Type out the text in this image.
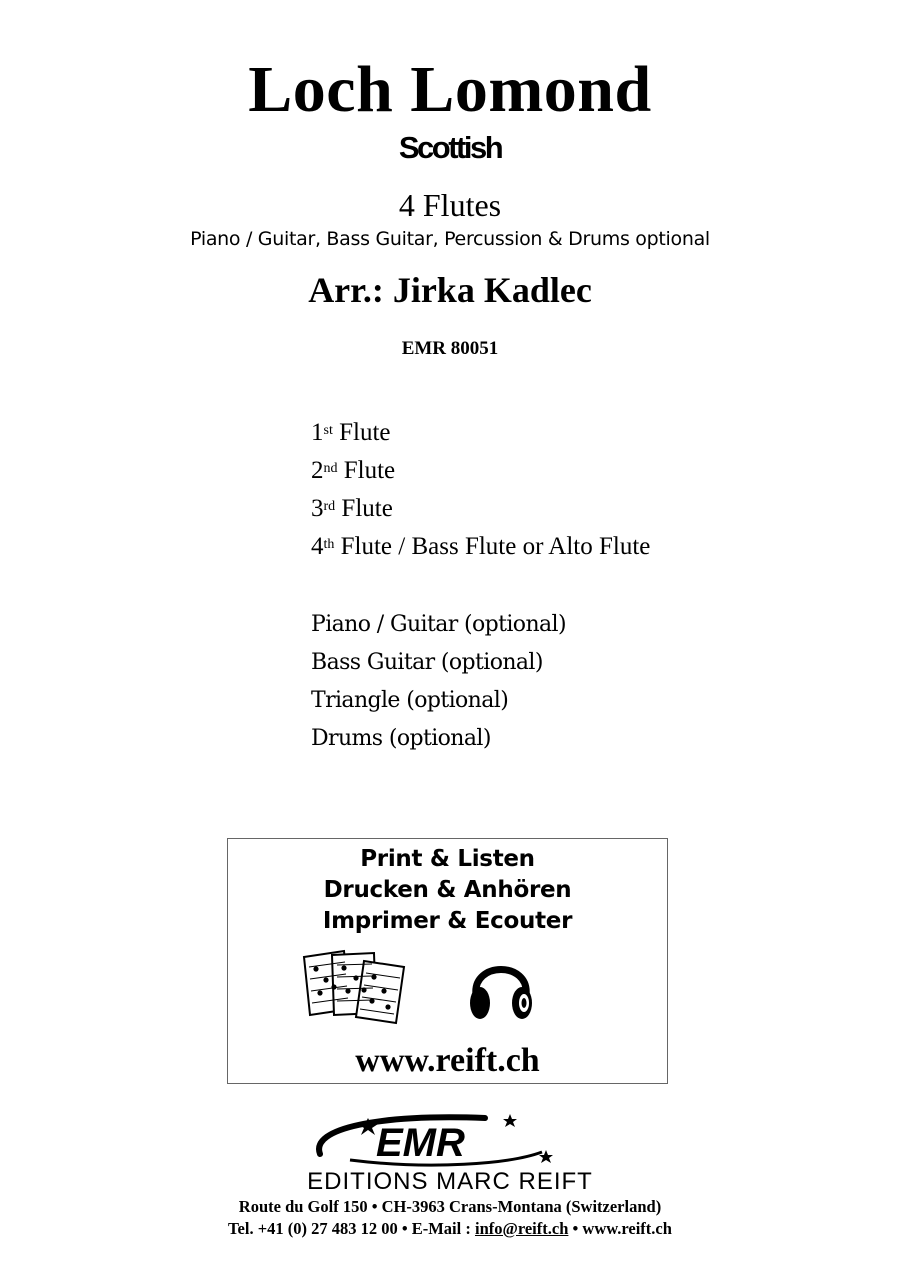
Loch Lomond
Scottish
4 Flutes
Piano / Guitar, Bass Guitar, Percussion & Drums optional
Arr.: Jirka Kadlec
EMR 80051
1st Flute
2nd Flute
3rd Flute
4th Flute / Bass Flute or Alto Flute
Piano / Guitar (optional)
Bass Guitar (optional)
Triangle (optional)
Drums (optional)
Print & Listen
Drucken & Anhören
Imprimer & Ecouter
www.reift.ch
EMR
EDITIONS MARC REIFT
Route du Golf 150 • CH-3963 Crans-Montana (Switzerland)
Tel. +41 (0) 27 483 12 00 • E-Mail : info@reift.ch • www.reift.ch
